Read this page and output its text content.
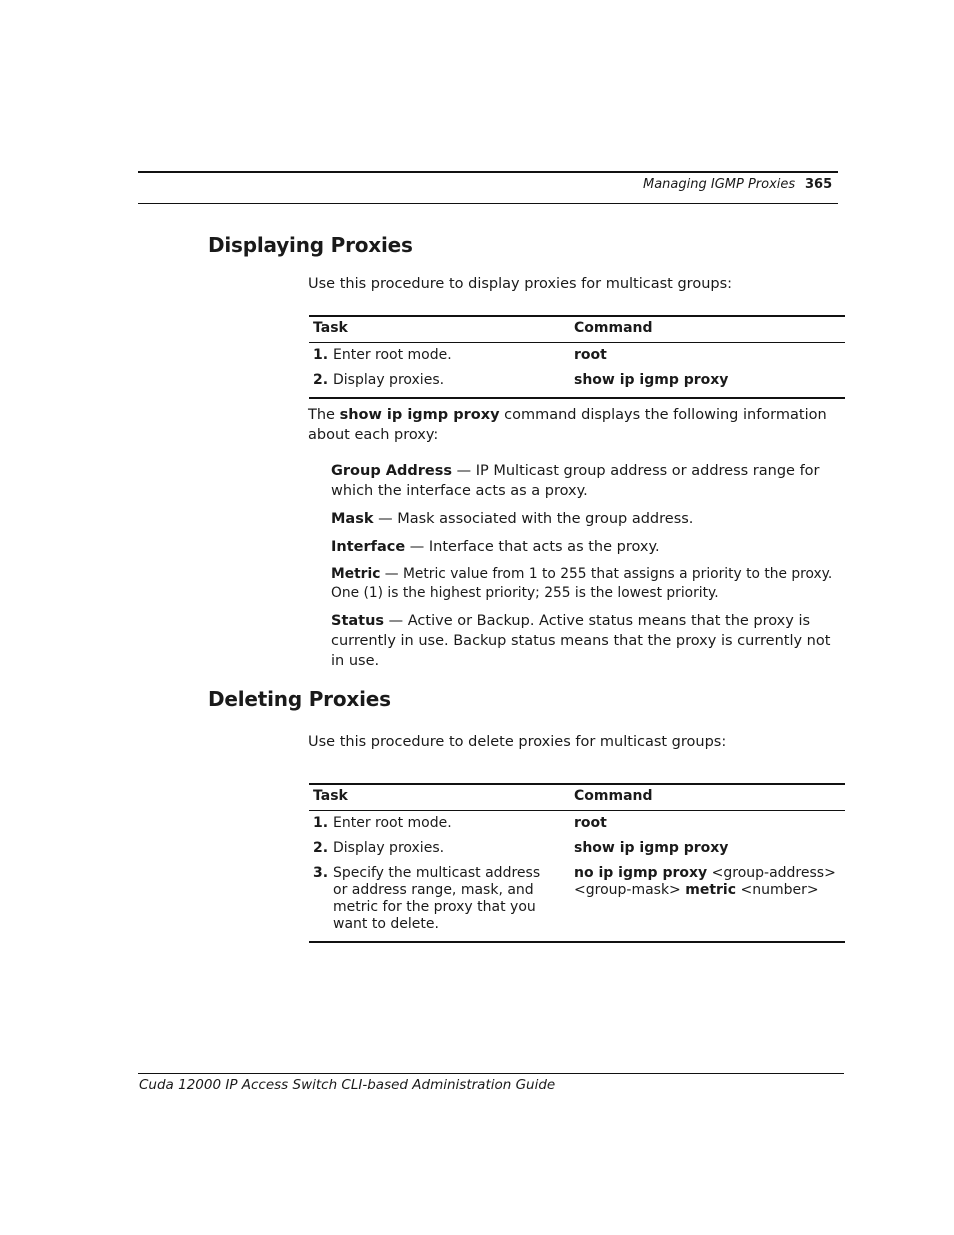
Managing IGMP Proxies 365
Displaying Proxies
Use this procedure to display proxies for multicast groups:
Task	Command
1. Enter root mode.	root
2. Display proxies.	show ip igmp proxy
The show ip igmp proxy command displays the following information about each proxy:

Group Address — IP Multicast group address or address range for which the interface acts as a proxy.

Mask — Mask associated with the group address.

Interface — Interface that acts as the proxy.

Metric — Metric value from 1 to 255 that assigns a priority to the proxy. One (1) is the highest priority; 255 is the lowest priority.

Status — Active or Backup. Active status means that the proxy is currently in use. Backup status means that the proxy is currently not in use.

Deleting Proxies
Use this procedure to delete proxies for multicast groups:
Task	Command
1. Enter root mode.	root
2. Display proxies.	show ip igmp proxy
3. Specify the multicast address or address range, mask, and metric for the proxy that you want to delete.	no ip igmp proxy <group-address> <group-mask> metric <number>
Cuda 12000 IP Access Switch CLI-based Administration Guide
